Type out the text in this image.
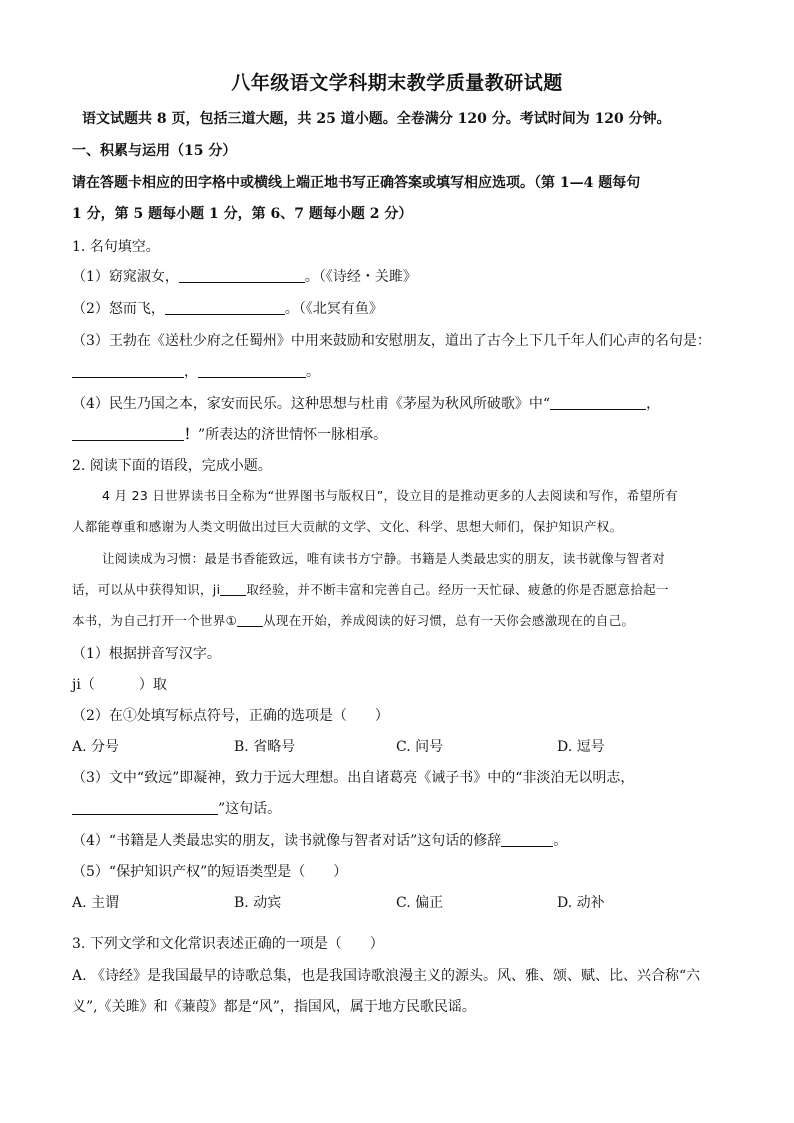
八年级语文学科期末教学质量教研试题
语文试题共 8 页，包括三道大题，共 25 道小题。全卷满分 120 分。考试时间为 120 分钟。
一、积累与运用（15 分）
请在答题卡相应的田字格中或横线上端正地书写正确答案或填写相应选项。（第 1—4 题每句
1 分，第 5 题每小题 1 分，第 6、7 题每小题 2 分）
1. 名句填空。
（1）窈窕淑女，	。（《诗经・关雎》
（2）怒而飞，	。（《北冥有鱼》
（3）王勃在《送杜少府之任蜀州》中用来鼓励和安慰朋友，道出了古今上下几千年人们心声的名句是：
，	。
（4）民生乃国之本，家安而民乐。这种思想与杜甫《茅屋为秋风所破歌》中“	，
！”所表达的济世情怀一脉相承。
2. 阅读下面的语段，完成小题。
4 月 23 日世界读书日全称为“世界图书与版权日”，设立目的是推动更多的人去阅读和写作，希望所有
人都能尊重和感谢为人类文明做出过巨大贡献的文学、文化、科学、思想大师们，保护知识产权。
让阅读成为习惯：最是书香能致远，唯有读书方宁静。书籍是人类最忠实的朋友，读书就像与智者对
话，可以从中获得知识，ji 取经验，并不断丰富和完善自己。经历一天忙碌、疲惫的你是否愿意拾起一
本书，为自己打开一个世界① 从现在开始，养成阅读的好习惯，总有一天你会感激现在的自己。
（1）根据拼音写汉字。
ji（	）取
（2）在①处填写标点符号，正确的选项是（　　）
A. 分号	B. 省略号	C. 问号	D. 逗号
（3）文中“致远”即凝神，致力于远大理想。出自诸葛亮《诫子书》中的“非淡泊无以明志，
”这句话。
（4）“书籍是人类最忠实的朋友，读书就像与智者对话”这句话的修辞	。
（5）“保护知识产权”的短语类型是（　　）
A. 主谓	B. 动宾	C. 偏正	D. 动补
3. 下列文学和文化常识表述正确的一项是（　　）
A. 《诗经》是我国最早的诗歌总集，也是我国诗歌浪漫主义的源头。风、雅、颂、赋、比、兴合称“六
义”,《关雎》和《蒹葭》都是“风”，指国风，属于地方民歌民谣。
